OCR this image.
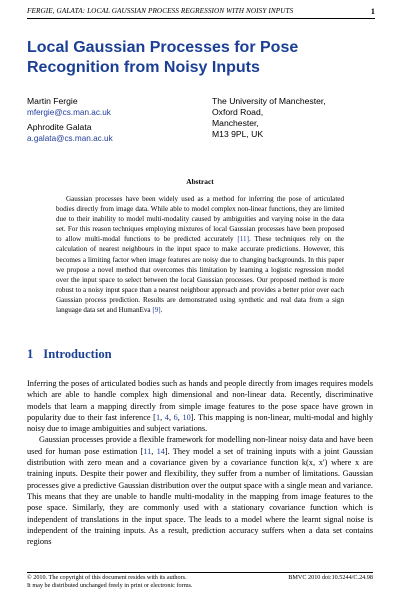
FERGIE, GALATA: LOCAL GAUSSIAN PROCESS REGRESSION WITH NOISY INPUTS	1
Local Gaussian Processes for Pose Recognition from Noisy Inputs
Martin Fergie
mfergie@cs.man.ac.uk
Aphrodite Galata
a.galata@cs.man.ac.uk
The University of Manchester,
Oxford Road,
Manchester,
M13 9PL, UK
Abstract
Gaussian processes have been widely used as a method for inferring the pose of articulated bodies directly from image data. While able to model complex non-linear functions, they are limited due to their inability to model multi-modality caused by ambiguities and varying noise in the data set. For this reason techniques employing mixtures of local Gaussian processes have been proposed to allow multi-modal functions to be predicted accurately [11]. These techniques rely on the calculation of nearest neighbours in the input space to make accurate predictions. However, this becomes a limiting factor when image features are noisy due to changing backgrounds. In this paper we propose a novel method that overcomes this limitation by learning a logistic regression model over the input space to select between the local Gaussian processes. Our proposed method is more robust to a noisy input space than a nearest neighbour approach and provides a better prior over each Gaussian process prediction. Results are demonstrated using synthetic and real data from a sign language data set and HumanEva [9].
1 Introduction

Inferring the poses of articulated bodies such as hands and people directly from images requires models which are able to handle complex high dimensional and non-linear data. Recently, discriminative models that learn a mapping directly from simple image features to the pose space have grown in popularity due to their fast inference [1, 4, 6, 10]. This mapping is non-linear, multi-modal and highly noisy due to image ambiguities and subject variations.

Gaussian processes provide a flexible framework for modelling non-linear noisy data and have been used for human pose estimation [11, 14]. They model a set of training inputs with a joint Gaussian distribution with zero mean and a covariance given by a covariance function k(x, x′) where x are training inputs. Despite their power and flexibility, they suffer from a number of limitations. Gaussian processes give a predictive Gaussian distribution over the output space with a single mean and variance. This means that they are unable to handle multi-modality in the mapping from image features to the pose space. Similarly, they are commonly used with a stationary covariance function which is independent of translations in the input space. The leads to a model where the learnt signal noise is independent of the training inputs. As a result, prediction accuracy suffers when a data set contains regions

© 2010. The copyright of this document resides with its authors.
It may be distributed unchanged freely in print or electronic forms.
BMVC 2010 doi:10.5244/C.24.98
